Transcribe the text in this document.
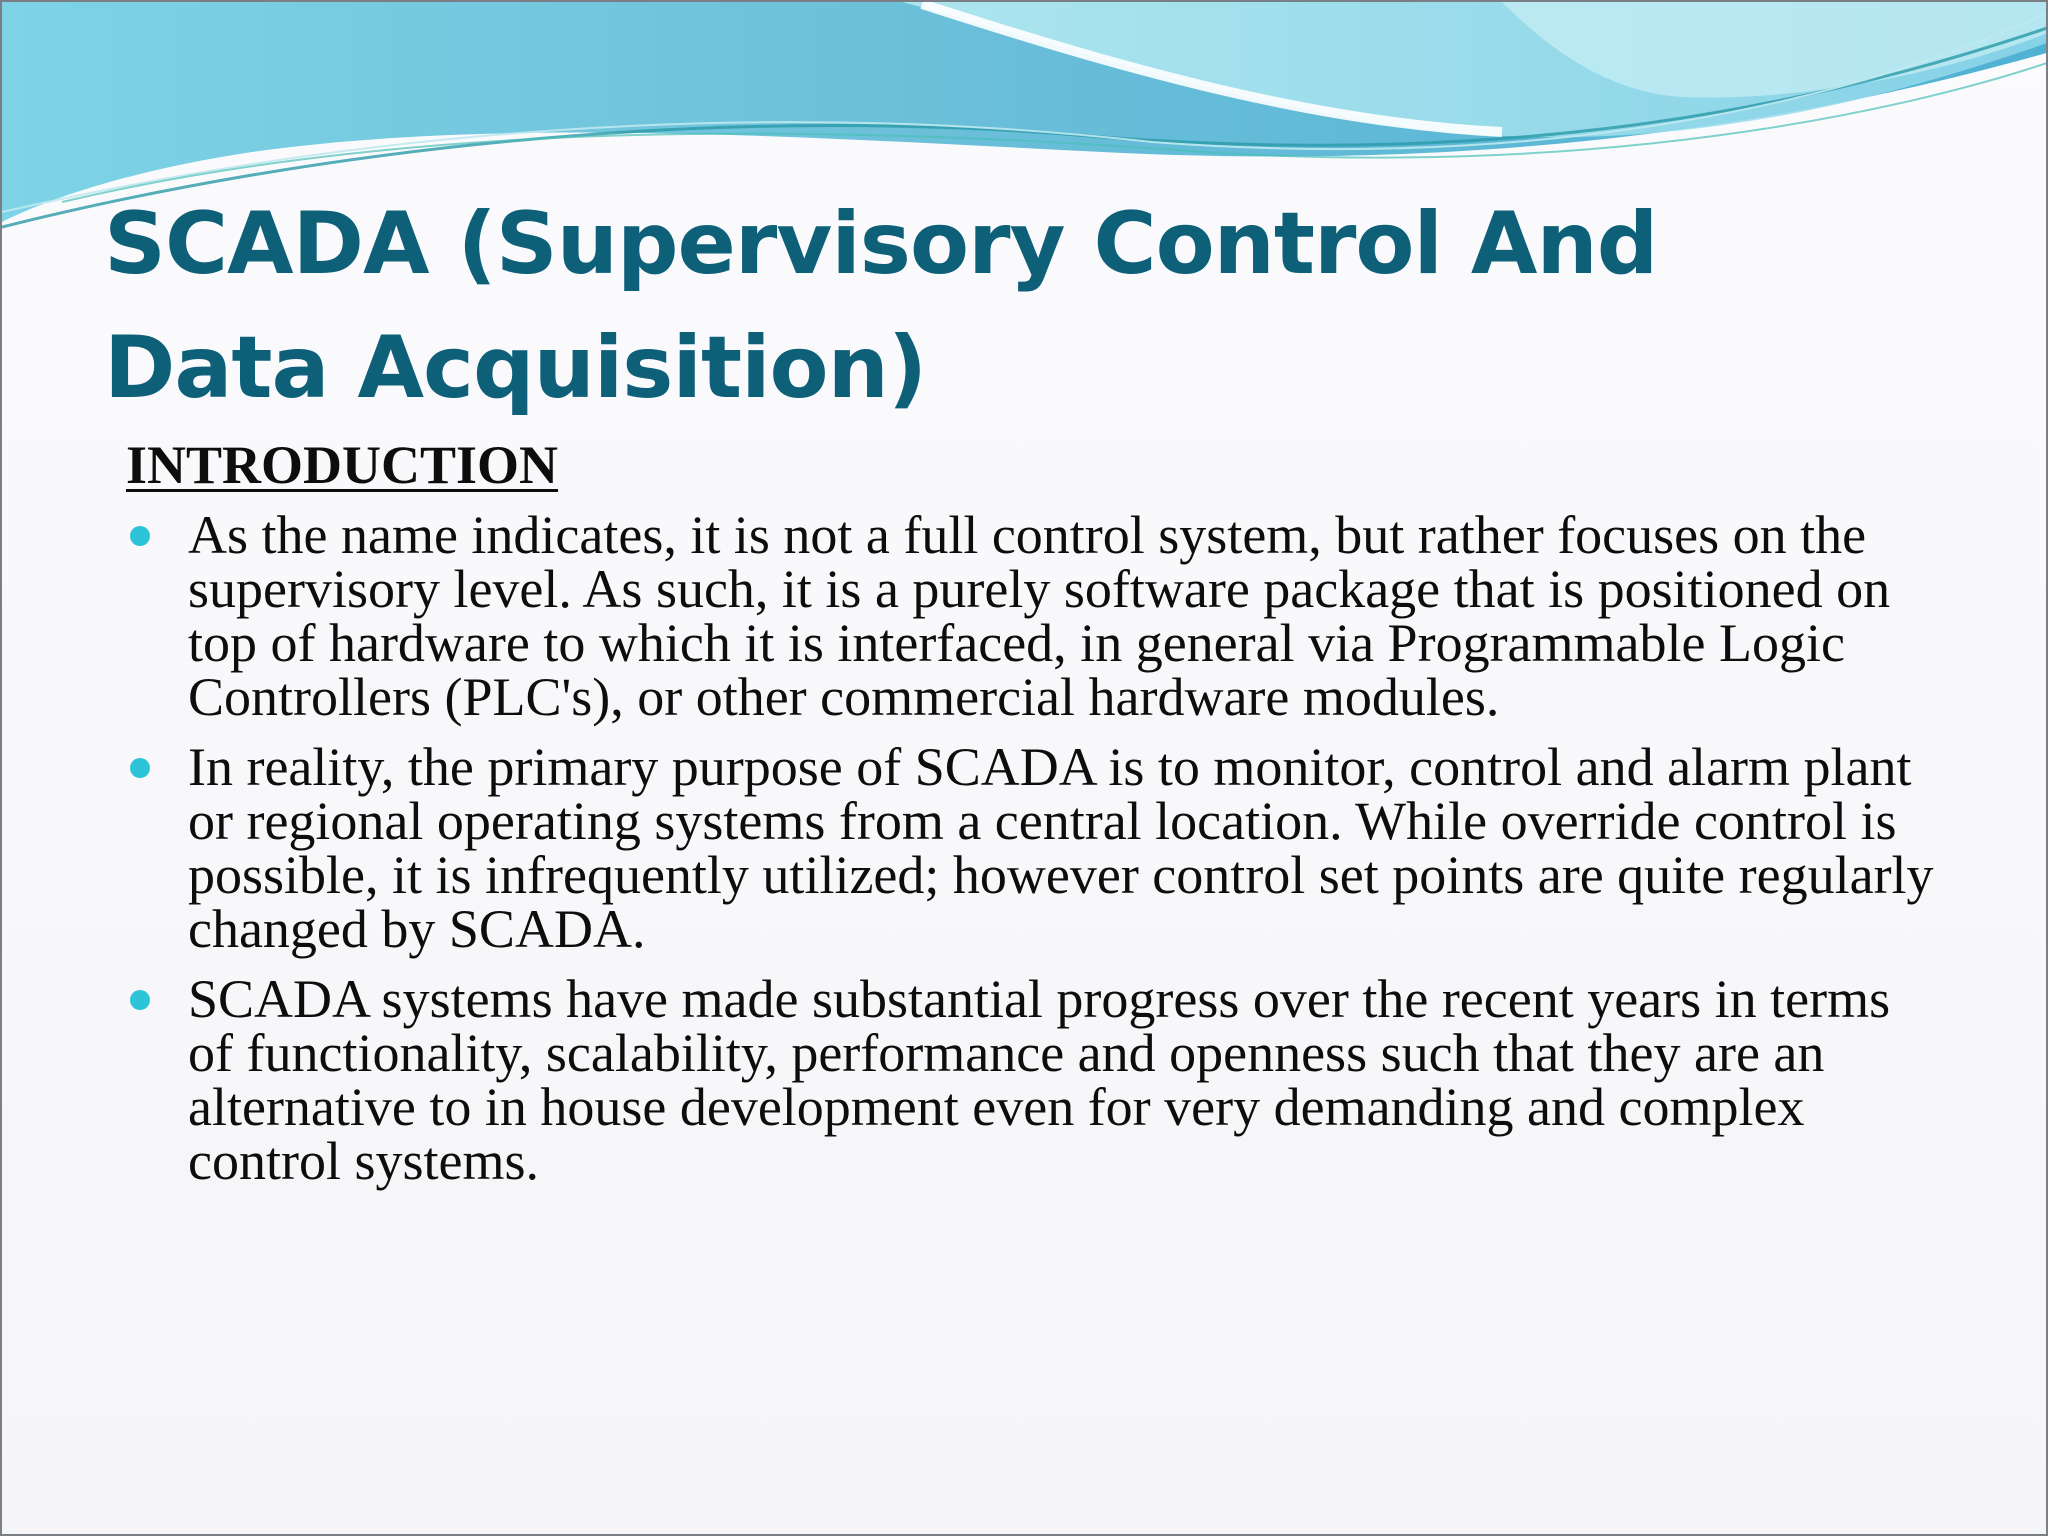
SCADA (Supervisory Control And Data Acquisition)
INTRODUCTION
As the name indicates, it is not a full control system, but rather focuses on the supervisory level. As such, it is a purely software package that is positioned on top of hardware to which it is interfaced, in general via Programmable Logic Controllers (PLC's), or other commercial hardware modules.
In reality, the primary purpose of SCADA is to monitor, control and alarm plant or regional operating systems from a central location. While override control is possible, it is infrequently utilized; however control set points are quite regularly changed by SCADA.
SCADA systems have made substantial progress over the recent years in terms of functionality, scalability, performance and openness such that they are an alternative to in house development even for very demanding and complex control systems.
